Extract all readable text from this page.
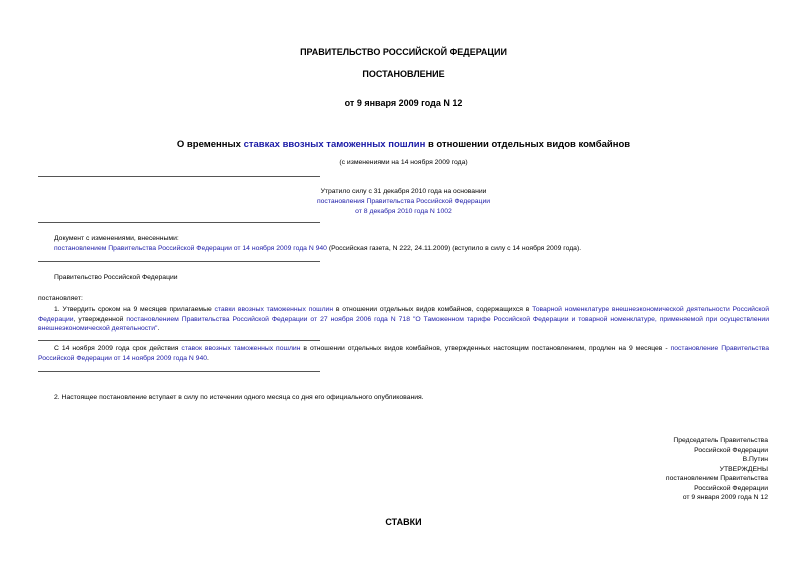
ПРАВИТЕЛЬСТВО РОССИЙСКОЙ ФЕДЕРАЦИИ
ПОСТАНОВЛЕНИЕ
от 9 января 2009 года N 12
О временных ставках ввозных таможенных пошлин в отношении отдельных видов комбайнов
(с изменениями на 14 ноября 2009 года)
Утратило силу с 31 декабря 2010 года на основании
постановления Правительства Российской Федерации
от 8 декабря 2010 года N 1002
Документ с изменениями, внесенными:
постановлением Правительства Российской Федерации от 14 ноября 2009 года N 940 (Российская газета, N 222, 24.11.2009) (вступило в силу с 14 ноября 2009 года).
Правительство Российской Федерации
постановляет:
1. Утвердить сроком на 9 месяцев прилагаемые ставки ввозных таможенных пошлин в отношении отдельных видов комбайнов, содержащихся в Товарной номенклатуре внешнеэкономической деятельности Российской Федерации, утвержденной постановлением Правительства Российской Федерации от 27 ноября 2006 года N 718 "О Таможенном тарифе Российской Федерации и товарной номенклатуре, применяемой при осуществлении внешнеэкономической деятельности".
С 14 ноября 2009 года срок действия ставок ввозных таможенных пошлин в отношении отдельных видов комбайнов, утвержденных настоящим постановлением, продлен на 9 месяцев - постановление Правительства Российской Федерации от 14 ноября 2009 года N 940.
2. Настоящее постановление вступает в силу по истечении одного месяца со дня его официального опубликования.
Председатель Правительства
Российской Федерации
В.Путин
УТВЕРЖДЕНЫ
постановлением Правительства
Российской Федерации
от 9 января 2009 года N 12
СТАВКИ
